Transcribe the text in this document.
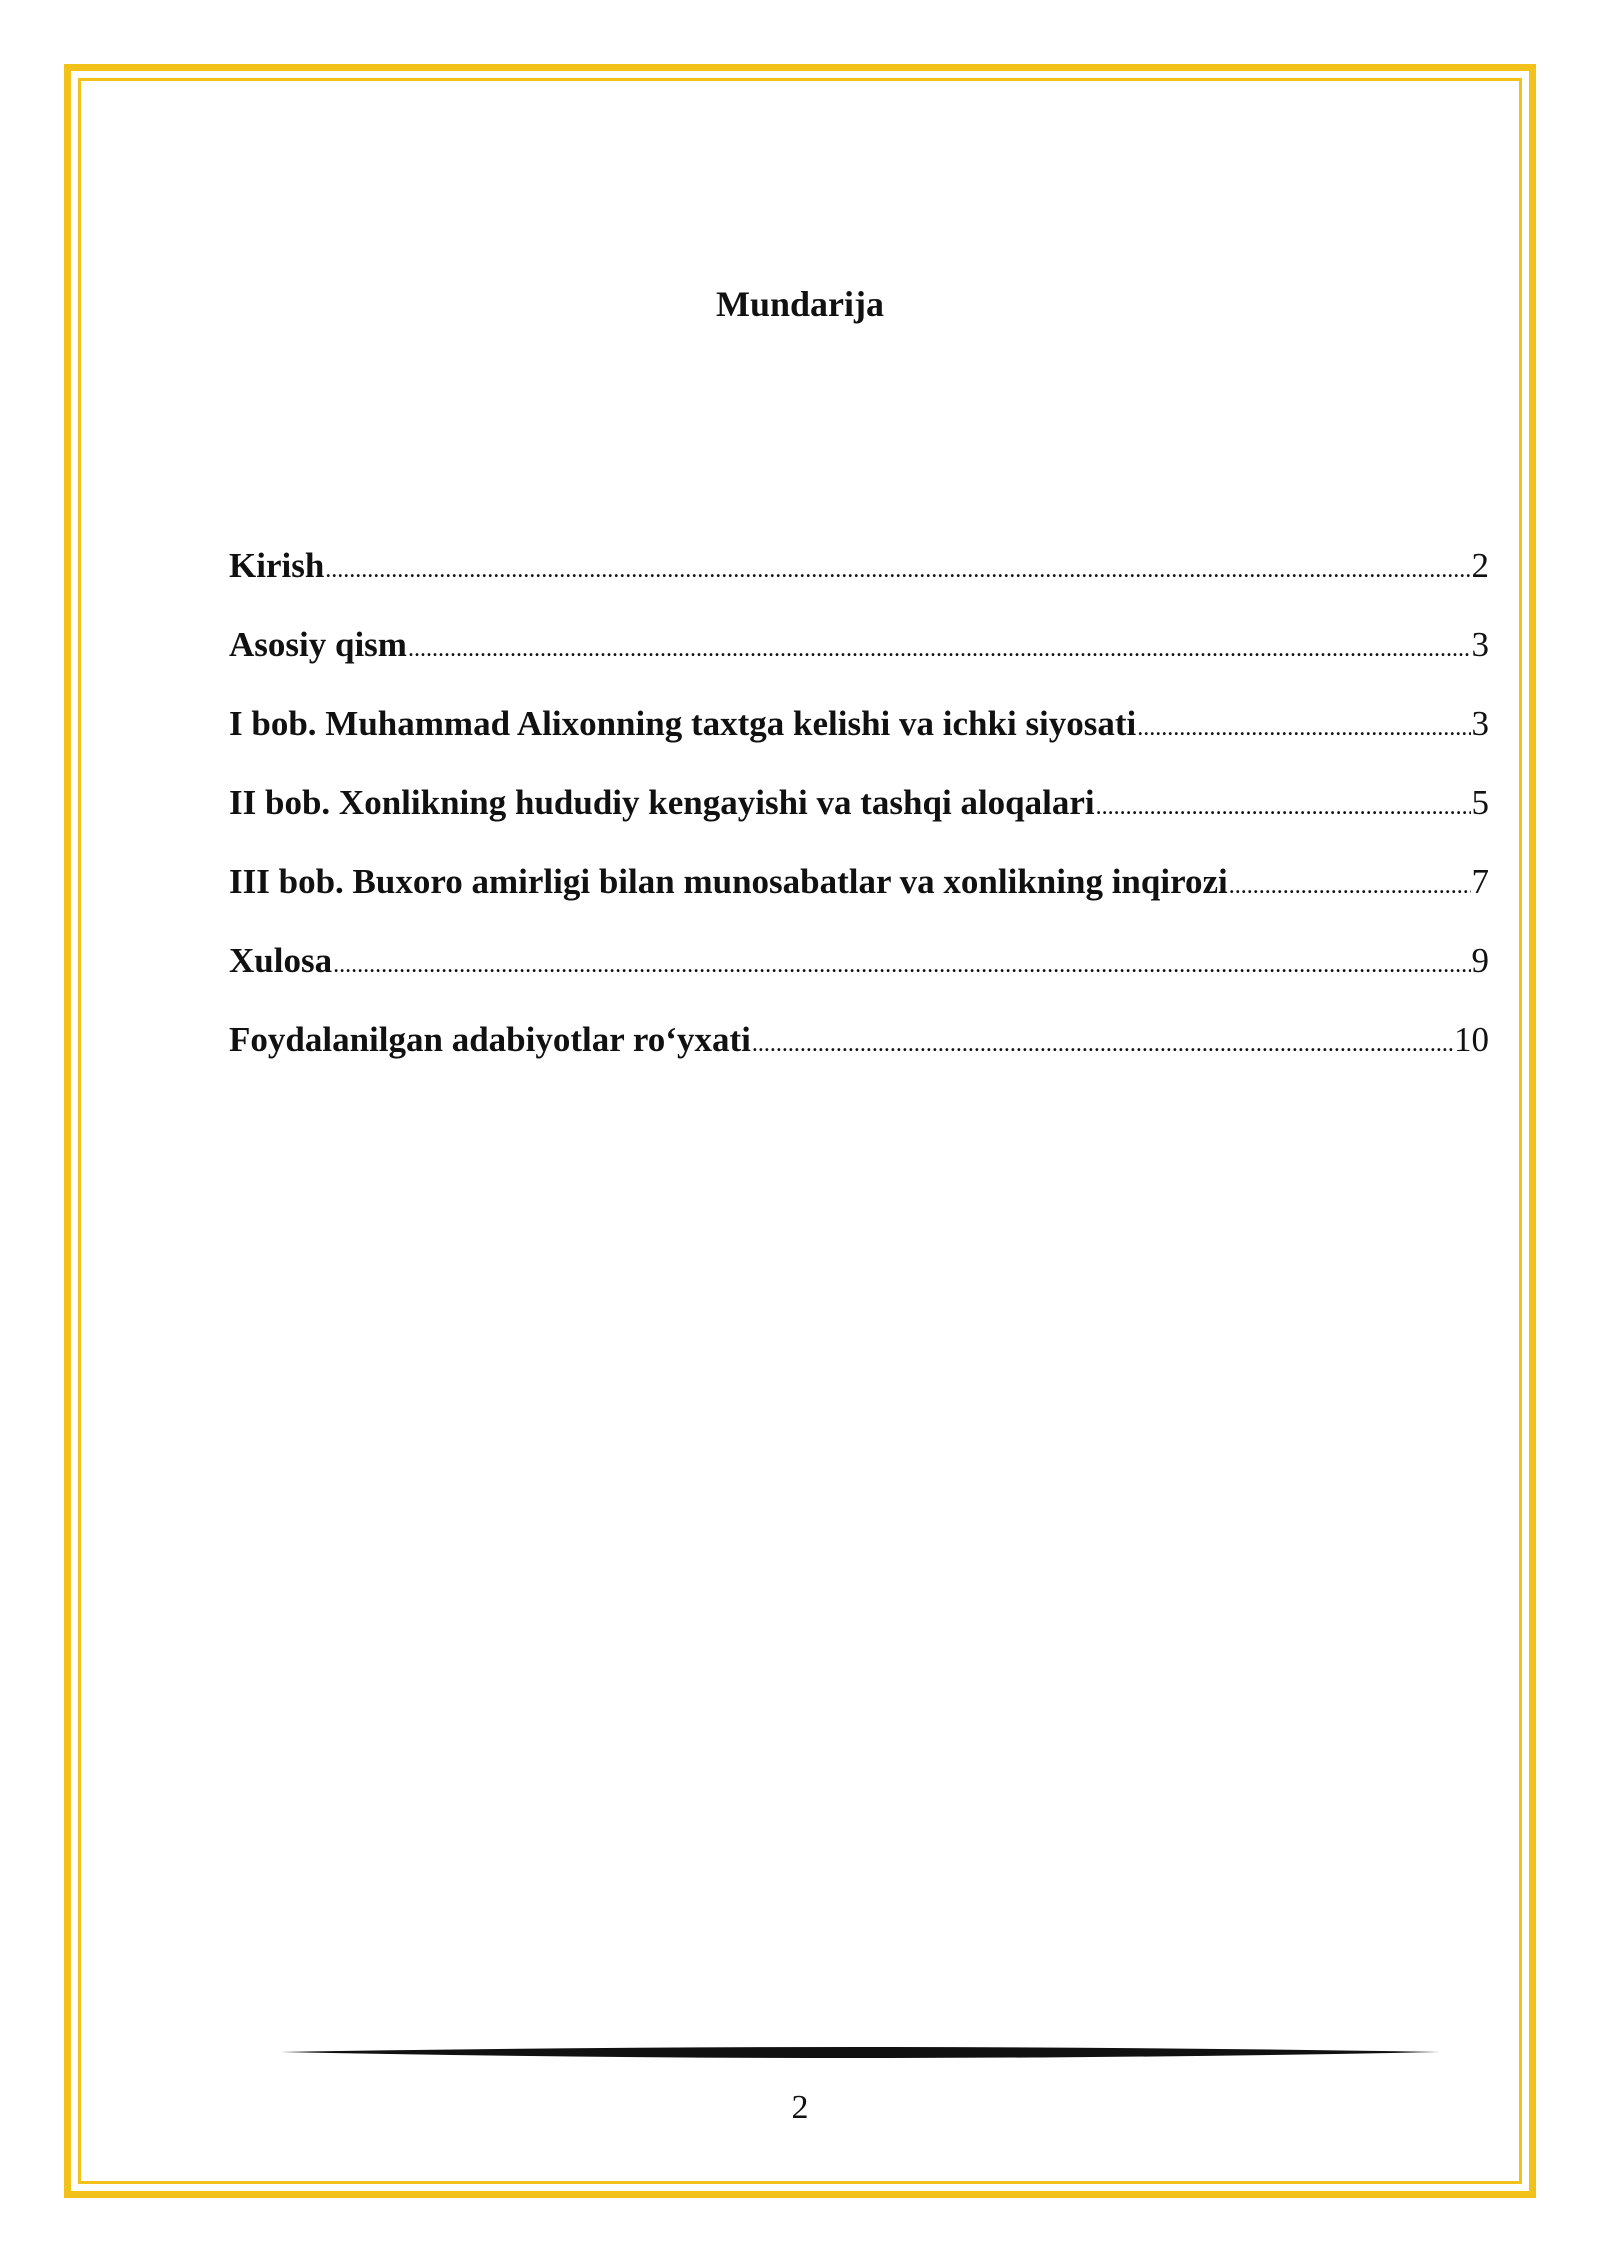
Mundarija
Kirish .....	2
Asosiy qism .....	3
I bob. Muhammad Alixonning taxtga kelishi va ichki siyosati .....	3
II bob. Xonlikning hududiy kengayishi va tashqi aloqalari .....	5
III bob. Buxoro amirligi bilan munosabatlar va xonlikning inqirozi .....	7
Xulosa .....	9
Foydalanilgan adabiyotlar ro‘yxati .....	10
2
